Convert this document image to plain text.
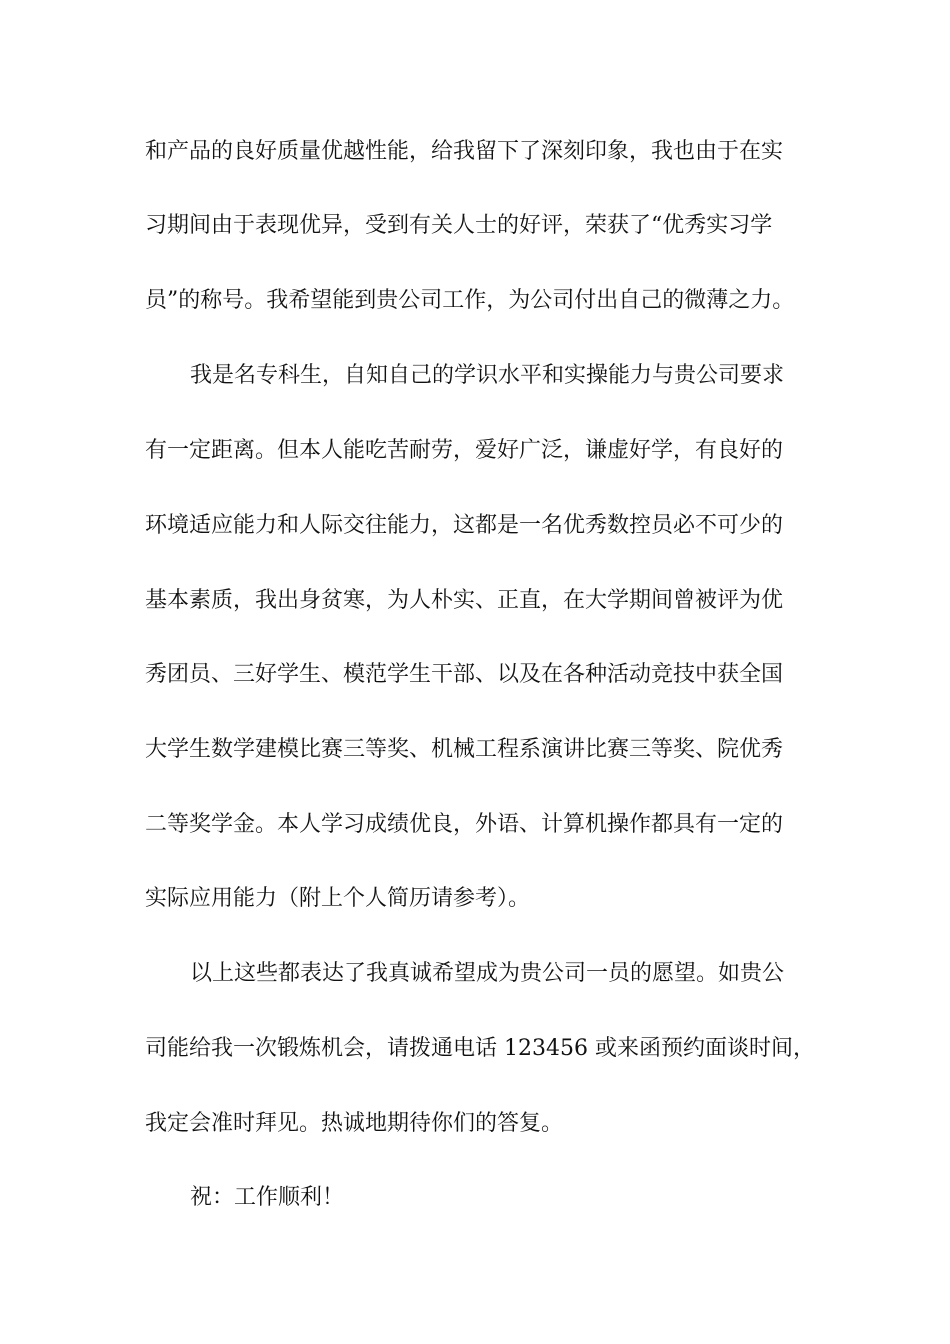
和产品的良好质量优越性能，给我留下了深刻印象，我也由于在实
习期间由于表现优异，受到有关人士的好评，荣获了“优秀实习学
员”的称号。我希望能到贵公司工作，为公司付出自己的微薄之力。
我是名专科生，自知自己的学识水平和实操能力与贵公司要求
有一定距离。但本人能吃苦耐劳，爱好广泛，谦虚好学，有良好的
环境适应能力和人际交往能力，这都是一名优秀数控员必不可少的
基本素质，我出身贫寒，为人朴实、正直，在大学期间曾被评为优
秀团员、三好学生、模范学生干部、以及在各种活动竞技中获全国
大学生数学建模比赛三等奖、机械工程系演讲比赛三等奖、院优秀
二等奖学金。本人学习成绩优良，外语、计算机操作都具有一定的
实际应用能力（附上个人简历请参考）。
以上这些都表达了我真诚希望成为贵公司一员的愿望。如贵公
司能给我一次锻炼机会，请拨通电话 123456 或来函预约面谈时间，
我定会准时拜见。热诚地期待你们的答复。
祝：工作顺利！
